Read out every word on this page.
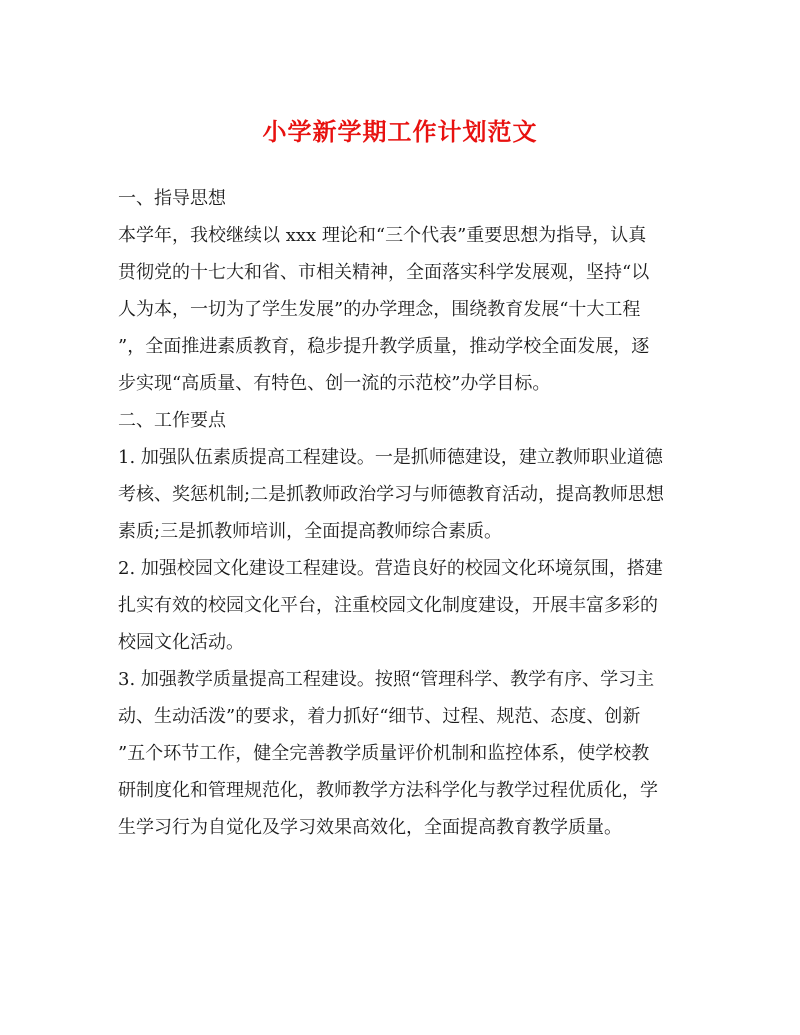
小学新学期工作计划范文

一、指导思想

本学年，我校继续以 xxx 理论和“三个代表”重要思想为指导，认真
贯彻党的十七大和省、市相关精神，全面落实科学发展观，坚持“以
人为本，一切为了学生发展”的办学理念，围绕教育发展“十大工程
”，全面推进素质教育，稳步提升教学质量，推动学校全面发展，逐
步实现“高质量、有特色、创一流的示范校”办学目标。

二、工作要点

1. 加强队伍素质提高工程建设。一是抓师德建设，建立教师职业道德
考核、奖惩机制;二是抓教师政治学习与师德教育活动，提高教师思想
素质;三是抓教师培训，全面提高教师综合素质。

2. 加强校园文化建设工程建设。营造良好的校园文化环境氛围，搭建
扎实有效的校园文化平台，注重校园文化制度建设，开展丰富多彩的
校园文化活动。

3. 加强教学质量提高工程建设。按照“管理科学、教学有序、学习主
动、生动活泼”的要求，着力抓好“细节、过程、规范、态度、创新
”五个环节工作，健全完善教学质量评价机制和监控体系，使学校教
研制度化和管理规范化，教师教学方法科学化与教学过程优质化，学
生学习行为自觉化及学习效果高效化，全面提高教育教学质量。
